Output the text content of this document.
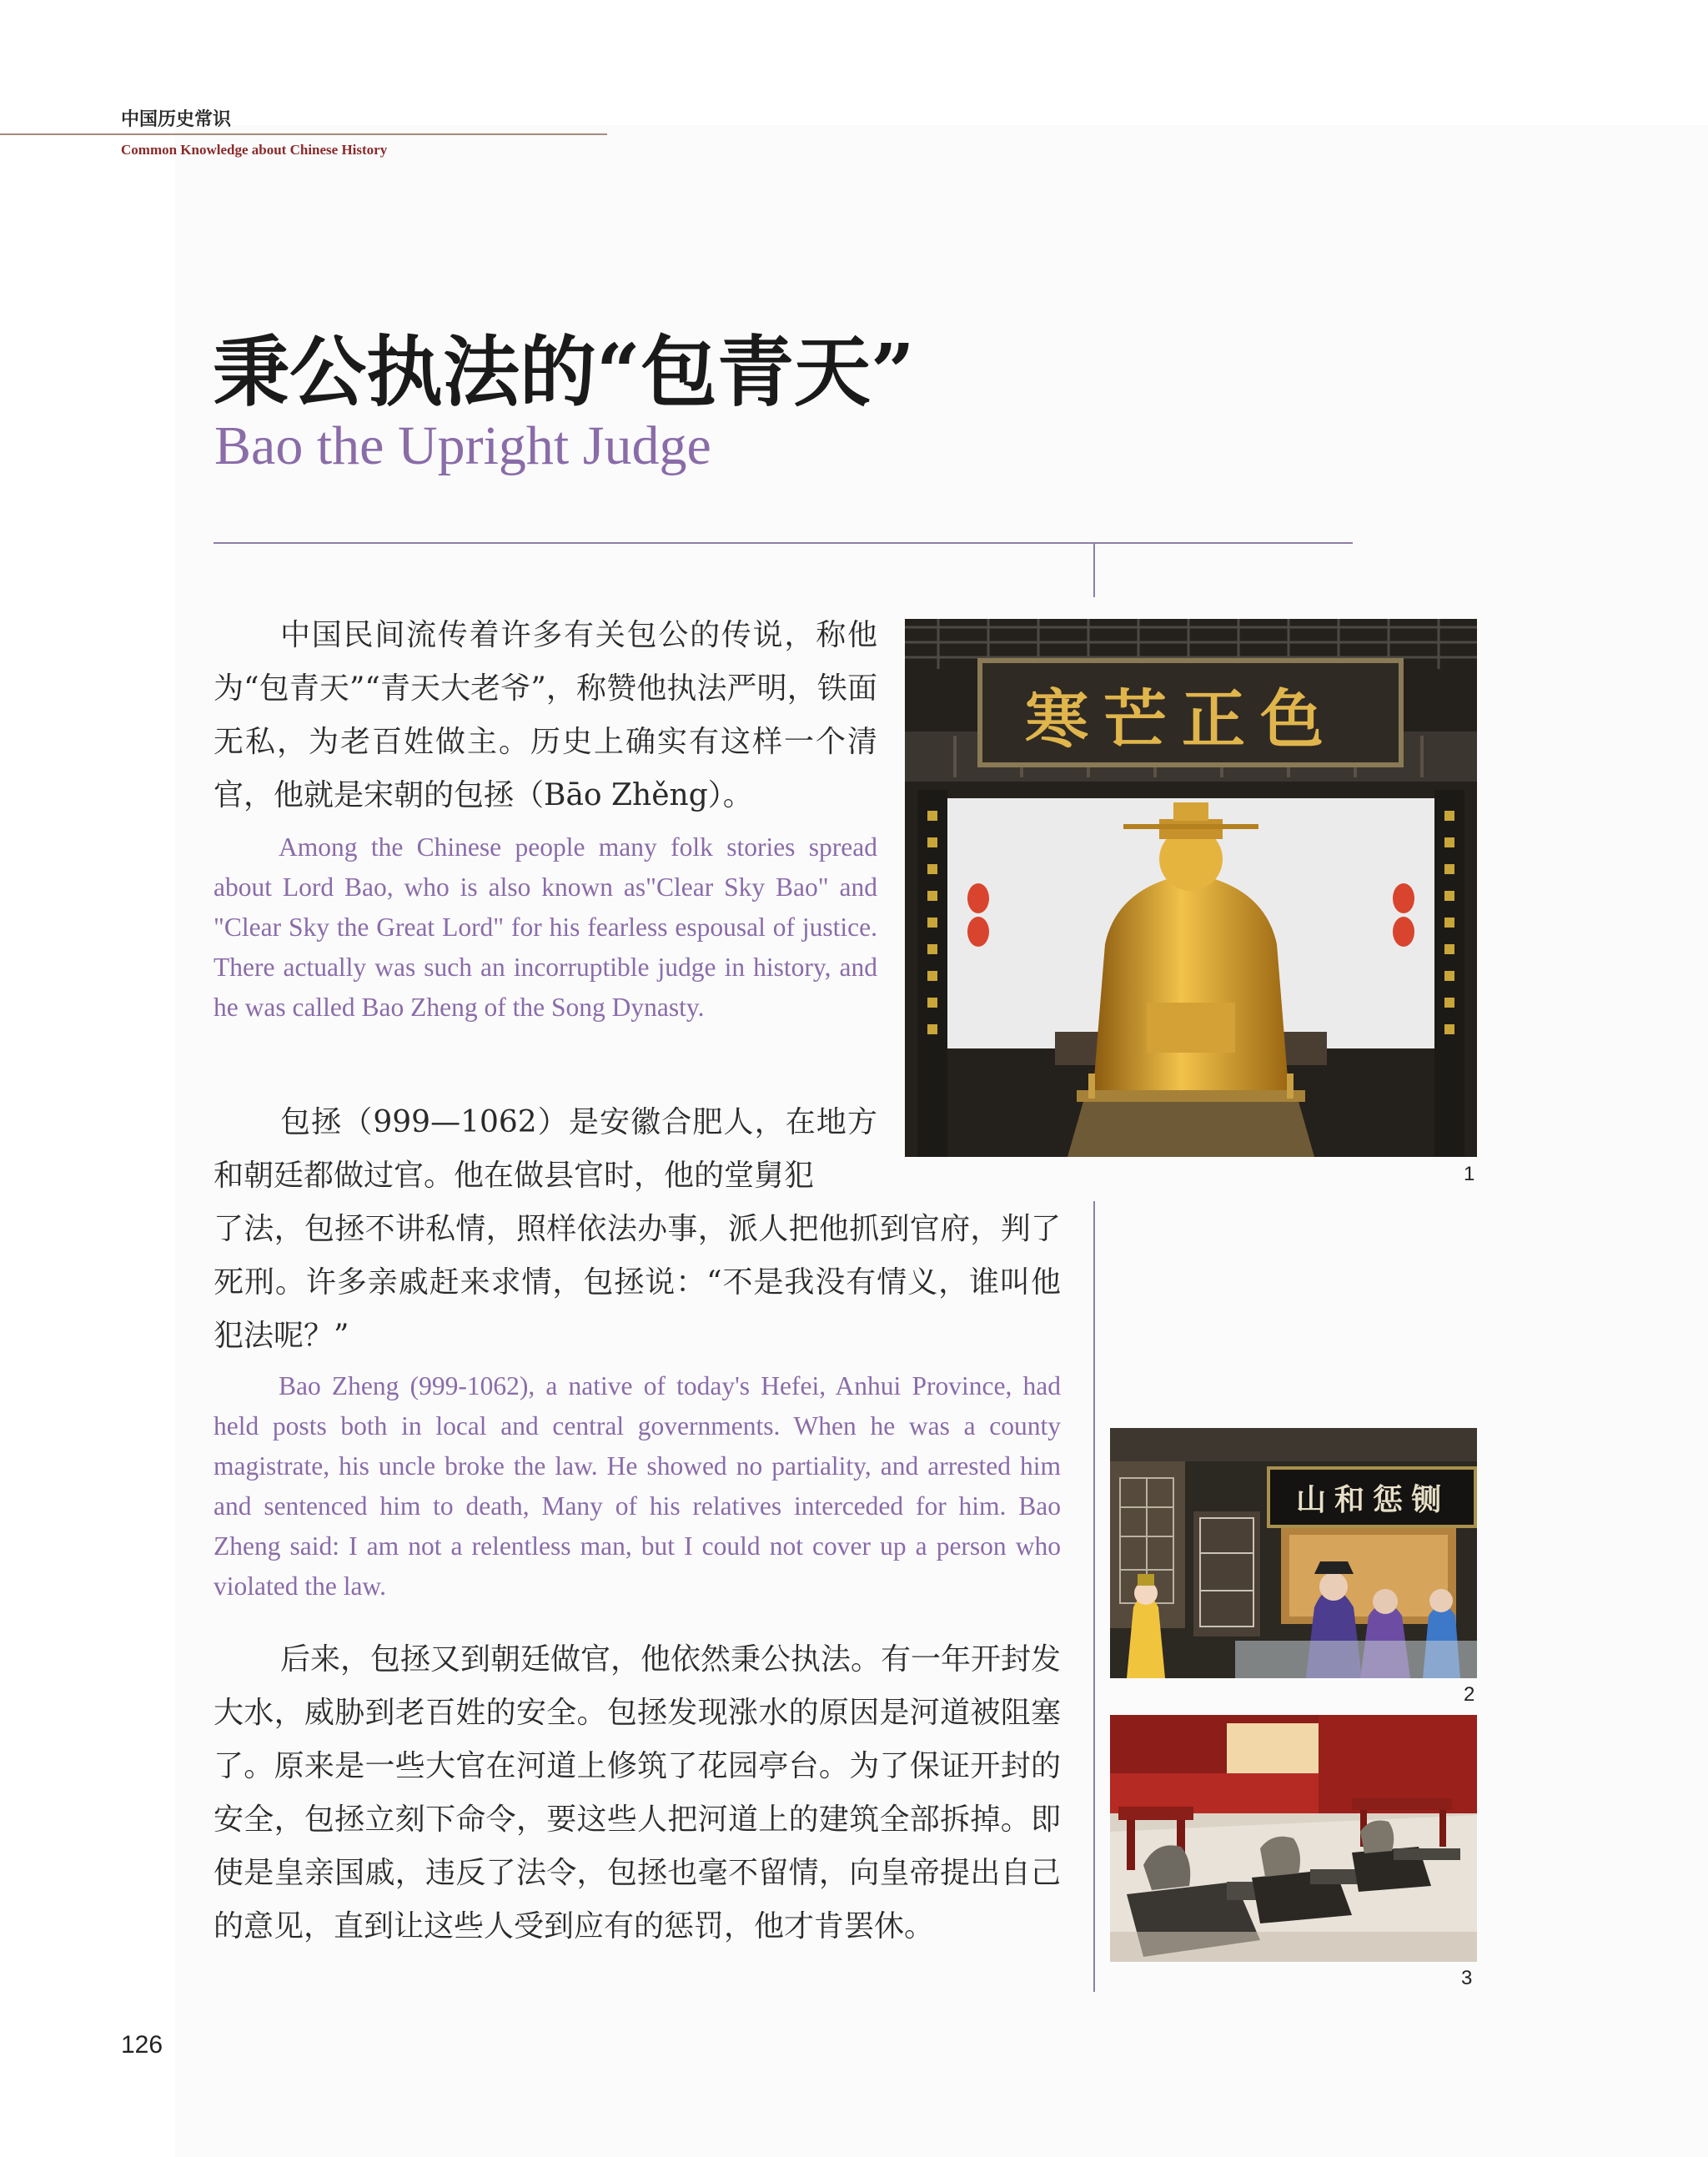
中国历史常识
Common Knowledge about Chinese History
秉公执法的“包青天”
Bao the Upright Judge

中国民间流传着许多有关包公的传说，称他为“包青天”“青天大老爷”，称赞他执法严明，铁面无私，为老百姓做主。历史上确实有这样一个清官，他就是宋朝的包拯（Bāo Zhěng）。

Among the Chinese people many folk stories spread about Lord Bao, who is also known as"Clear Sky Bao" and "Clear Sky the Great Lord" for his fearless espousal of justice. There actually was such an incorruptible judge in history, and he was called Bao Zheng of the Song Dynasty.

包拯（999—1062）是安徽合肥人，在地方和朝廷都做过官。他在做县官时，他的堂舅犯

了法，包拯不讲私情，照样依法办事，派人把他抓到官府，判了死刑。许多亲戚赶来求情，包拯说：“不是我没有情义，谁叫他犯法呢？”

Bao Zheng (999-1062), a native of today's Hefei, Anhui Province, had held posts both in local and central governments. When he was a county magistrate, his uncle broke the law. He showed no partiality, and arrested him and sentenced him to death, Many of his relatives interceded for him. Bao Zheng said: I am not a relentless man, but I could not cover up a person who violated the law.

后来，包拯又到朝廷做官，他依然秉公执法。有一年开封发大水，威胁到老百姓的安全。包拯发现涨水的原因是河道被阻塞了。原来是一些大官在河道上修筑了花园亭台。为了保证开封的安全，包拯立刻下命令，要这些人把河道上的建筑全部拆掉。即使是皇亲国戚，违反了法令，包拯也毫不留情，向皇帝提出自己的意见，直到让这些人受到应有的惩罚，他才肯罢休。

色正芒寒
1
铡惩和山
2
3
126
